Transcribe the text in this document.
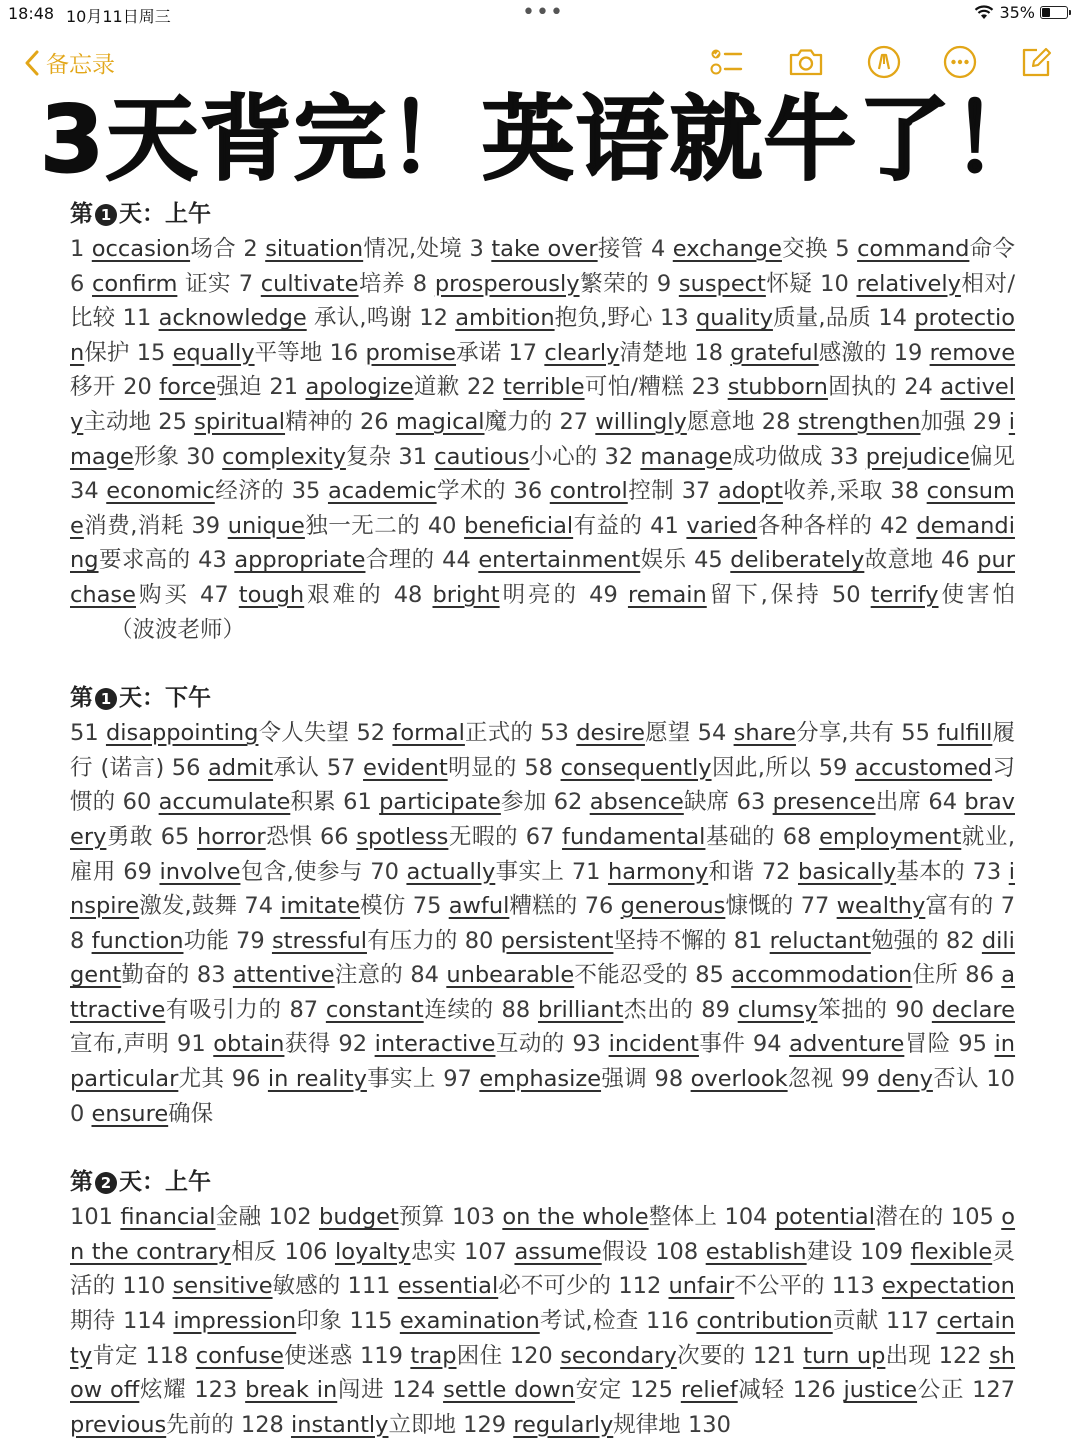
18:48 10月11日周三	•••	35%
备忘录
3天背完！英语就牛了！
第 1 天：上午
1 occasion场合 2 situation情况,处境 3 take over接管 4 exchange交换 5 command命令 6 confirm 证实 7 cultivate培养 8 prosperously繁荣的 9 suspect怀疑 10 relatively相对/比较 11 acknowledge 承认,鸣谢 12 ambition抱负,野心 13 quality质量,品质 14 protection保护 15 equally平等地 16 promise承诺 17 clearly清楚地 18 grateful感激的 19 remove移开 20 force强迫 21 apologize道歉 22 terrible可怕/糟糕 23 stubborn固执的 24 actively主动地 25 spiritual精神的 26 magical魔力的 27 willingly愿意地 28 strengthen加强 29 image形象 30 complexity复杂 31 cautious小心的 32 manage成功做成 33 prejudice偏见 34 economic经济的 35 academic学术的 36 control控制 37 adopt收养,采取 38 consume消费,消耗 39 unique独一无二的 40 beneficial有益的 41 varied各种各样的 42 demanding要求高的 43 appropriate合理的 44 entertainment娱乐 45 deliberately故意地 46 purchase购买 47 tough艰难的 48 bright明亮的 49 remain留下,保持 50 terrify使害怕 （波波老师）
第 1 天：下午
51 disappointing令人失望 52 formal正式的 53 desire愿望 54 share分享,共有 55 fulfill履行 (诺言) 56 admit承认 57 evident明显的 58 consequently因此,所以 59 accustomed习惯的 60 accumulate积累 61 participate参加 62 absence缺席 63 presence出席 64 bravery勇敢 65 horror恐惧 66 spotless无暇的 67 fundamental基础的 68 employment就业,雇用 69 involve包含,使参与 70 actually事实上 71 harmony和谐 72 basically基本的 73 inspire激发,鼓舞 74 imitate模仿 75 awful糟糕的 76 generous慷慨的 77 wealthy富有的 78 function功能 79 stressful有压力的 80 persistent坚持不懈的 81 reluctant勉强的 82 diligent勤奋的 83 attentive注意的 84 unbearable不能忍受的 85 accommodation住所 86 attractive有吸引力的 87 constant连续的 88 brilliant杰出的 89 clumsy笨拙的 90 declare宣布,声明 91 obtain获得 92 interactive互动的 93 incident事件 94 adventure冒险 95 in particular尤其 96 in reality事实上 97 emphasize强调 98 overlook忽视 99 deny否认 100 ensure确保
第 2 天：上午
101 financial金融 102 budget预算 103 on the whole整体上 104 potential潜在的 105 on the contrary相反 106 loyalty忠实 107 assume假设 108 establish建设 109 flexible灵活的 110 sensitive敏感的 111 essential必不可少的 112 unfair不公平的 113 expectation期待 114 impression印象 115 examination考试,检查 116 contribution贡献 117 certainty肯定 118 confuse使迷惑 119 trap困住 120 secondary次要的 121 turn up出现 122 show off炫耀 123 break in闯进 124 settle down安定 125 relief减轻 126 justice公正 127 previous先前的 128 instantly立即地 129 regularly规律地 130
